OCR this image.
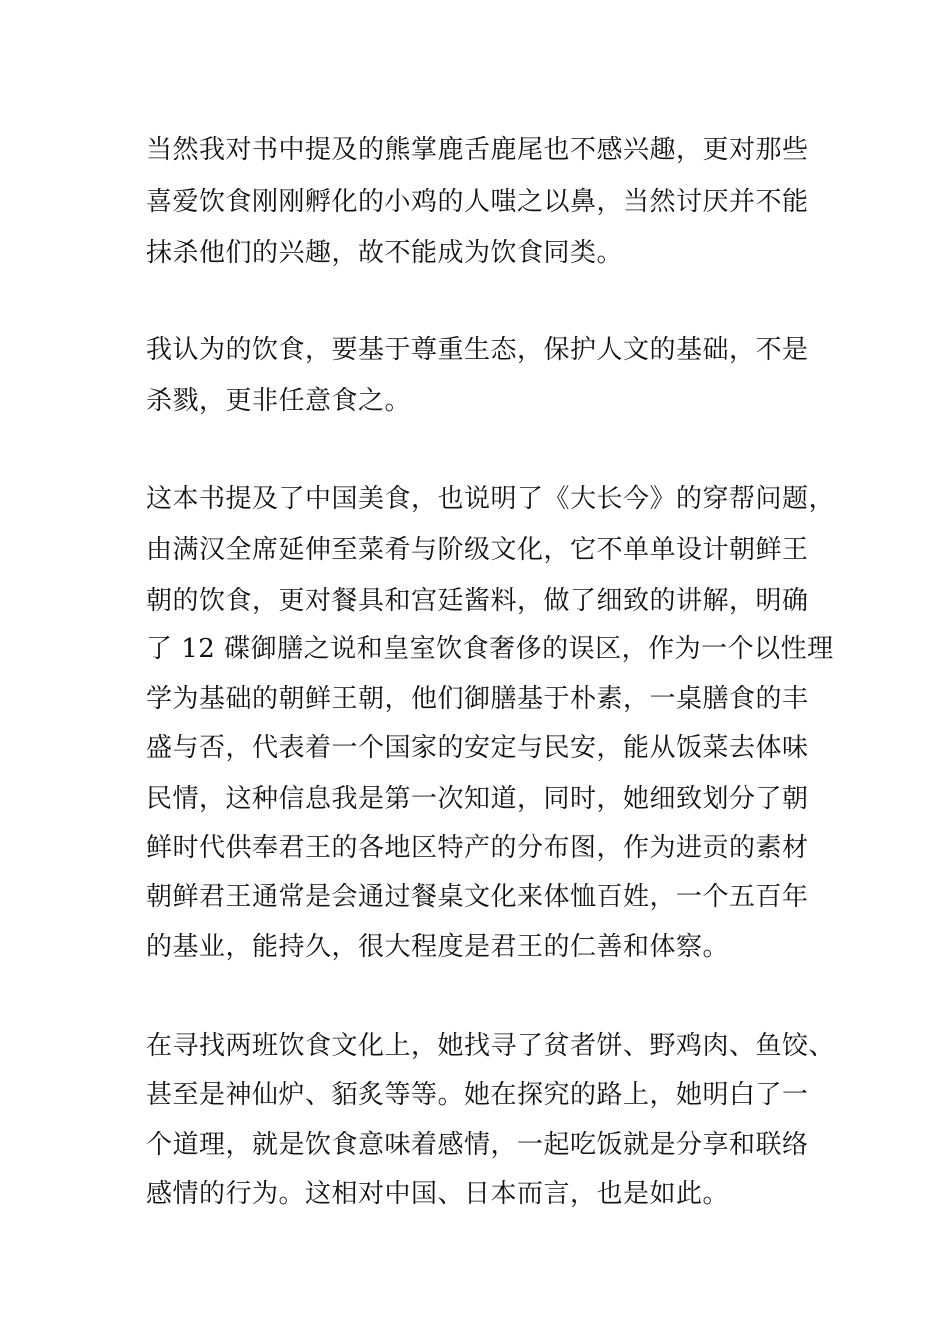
当然我对书中提及的熊掌鹿舌鹿尾也不感兴趣，更对那些
喜爱饮食刚刚孵化的小鸡的人嗤之以鼻，当然讨厌并不能
抹杀他们的兴趣，故不能成为饮食同类。
我认为的饮食，要基于尊重生态，保护人文的基础，不是
杀戮，更非任意食之。
这本书提及了中国美食，也说明了《大长今》的穿帮问题，
由满汉全席延伸至菜肴与阶级文化，它不单单设计朝鲜王
朝的饮食，更对餐具和宫廷酱料，做了细致的讲解，明确
了 12 碟御膳之说和皇室饮食奢侈的误区，作为一个以性理
学为基础的朝鲜王朝，他们御膳基于朴素，一桌膳食的丰
盛与否，代表着一个国家的安定与民安，能从饭菜去体味
民情，这种信息我是第一次知道，同时，她细致划分了朝
鲜时代供奉君王的各地区特产的分布图，作为进贡的素材
朝鲜君王通常是会通过餐桌文化来体恤百姓，一个五百年
的基业，能持久，很大程度是君王的仁善和体察。
在寻找两班饮食文化上，她找寻了贫者饼、野鸡肉、鱼饺、
甚至是神仙炉、貊炙等等。她在探究的路上，她明白了一
个道理，就是饮食意味着感情，一起吃饭就是分享和联络
感情的行为。这相对中国、日本而言，也是如此。
